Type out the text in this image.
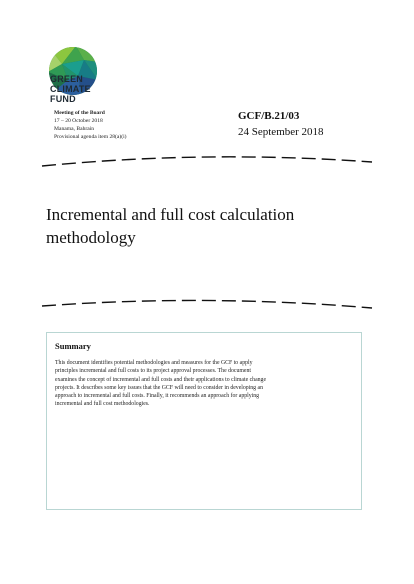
GREEN
CLIMATE
FUND
Meeting of the Board
17 – 20 October 2018
Manama, Bahrain
Provisional agenda item 28(a)(i)
GCF/B.21/03
24 September 2018
Incremental and full cost calculation
methodology
Summary
This document identifies potential methodologies and measures for the GCF to apply
principles incremental and full costs to its project approval processes. The document
examines the concept of incremental and full costs and their applications to climate change
projects. It describes some key issues that the GCF will need to consider in developing an
approach to incremental and full costs. Finally, it recommends an approach for applying
incremental and full cost methodologies.
